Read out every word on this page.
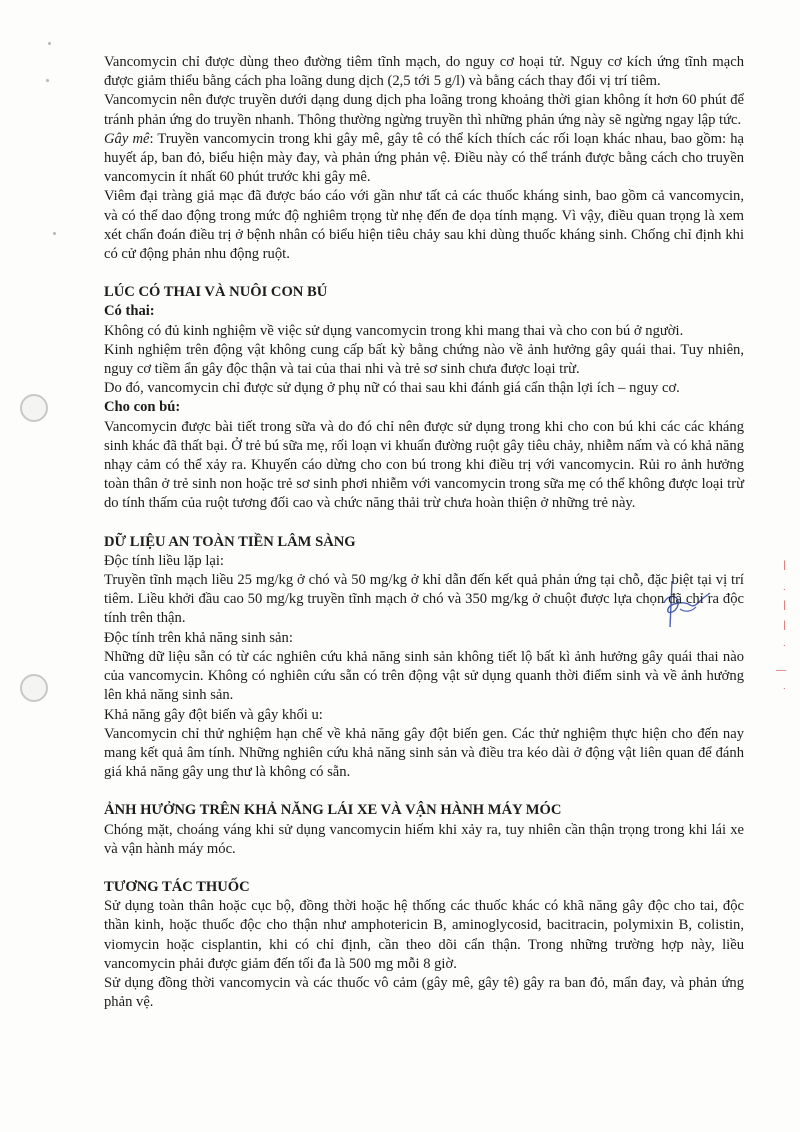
|
·
|
|
·
—
·

Vancomycin chỉ được dùng theo đường tiêm tĩnh mạch, do nguy cơ hoại tử. Nguy cơ kích ứng tĩnh mạch được giảm thiểu bằng cách pha loãng dung dịch (2,5 tới 5 g/l) và bằng cách thay đổi vị trí tiêm.

Vancomycin nên được truyền dưới dạng dung dịch pha loãng trong khoảng thời gian không ít hơn 60 phút để tránh phản ứng do truyền nhanh. Thông thường ngừng truyền thì những phản ứng này sẽ ngừng ngay lập tức.

Gây mê: Truyền vancomycin trong khi gây mê, gây tê có thể kích thích các rối loạn khác nhau, bao gồm: hạ huyết áp, ban đỏ, biểu hiện mày đay, và phản ứng phản vệ. Điều này có thể tránh được bằng cách cho truyền vancomycin ít nhất 60 phút trước khi gây mê.

Viêm đại tràng giả mạc đã được báo cáo với gần như tất cả các thuốc kháng sinh, bao gồm cả vancomycin, và có thể dao động trong mức độ nghiêm trọng từ nhẹ đến đe dọa tính mạng. Vì vậy, điều quan trọng là xem xét chẩn đoán điều trị ở bệnh nhân có biểu hiện tiêu chảy sau khi dùng thuốc kháng sinh. Chống chỉ định khi có cử động phản nhu động ruột.

LÚC CÓ THAI VÀ NUÔI CON BÚ
Có thai:

Không có đủ kinh nghiệm về việc sử dụng vancomycin trong khi mang thai và cho con bú ở người.

Kinh nghiệm trên động vật không cung cấp bất kỳ bằng chứng nào về ảnh hưởng gây quái thai. Tuy nhiên, nguy cơ tiềm ẩn gây độc thận và tai của thai nhi và trẻ sơ sinh chưa được loại trừ.

Do đó, vancomycin chỉ được sử dụng ở phụ nữ có thai sau khi đánh giá cẩn thận lợi ích – nguy cơ.

Cho con bú:

Vancomycin được bài tiết trong sữa và do đó chỉ nên được sử dụng trong khi cho con bú khi các các kháng sinh khác đã thất bại. Ở trẻ bú sữa mẹ, rối loạn vi khuẩn đường ruột gây tiêu chảy, nhiễm nấm và có khả năng nhạy cảm có thể xảy ra. Khuyến cáo dừng cho con bú trong khi điều trị với vancomycin. Rủi ro ảnh hưởng toàn thân ở trẻ sinh non hoặc trẻ sơ sinh phơi nhiễm với vancomycin trong sữa mẹ có thể không được loại trừ do tính thấm của ruột tương đối cao và chức năng thải trừ chưa hoàn thiện ở những trẻ này.

DỮ LIỆU AN TOÀN TIỀN LÂM SÀNG

Độc tính liều lặp lại:

Truyền tĩnh mạch liều 25 mg/kg ở chó và 50 mg/kg ở khỉ dẫn đến kết quả phản ứng tại chỗ, đặc biệt tại vị trí tiêm. Liều khởi đầu cao 50 mg/kg truyền tĩnh mạch ở chó và 350 mg/kg ở chuột được lựa chọn đã chỉ ra độc tính trên thận.

Độc tính trên khả năng sinh sản:

Những dữ liệu sẵn có từ các nghiên cứu khả năng sinh sản không tiết lộ bất kì ảnh hưởng gây quái thai nào của vancomycin. Không có nghiên cứu sẵn có trên động vật sử dụng quanh thời điểm sinh và về ảnh hưởng lên khả năng sinh sản.

Khả năng gây đột biến và gây khối u:

Vancomycin chỉ thử nghiệm hạn chế về khả năng gây đột biến gen. Các thử nghiệm thực hiện cho đến nay mang kết quả âm tính. Những nghiên cứu khả năng sinh sản và điều tra kéo dài ở động vật liên quan để đánh giá khả năng gây ung thư là không có sẵn.

ẢNH HƯỞNG TRÊN KHẢ NĂNG LÁI XE VÀ VẬN HÀNH MÁY MÓC

Chóng mặt, choáng váng khi sử dụng vancomycin hiếm khi xảy ra, tuy nhiên cần thận trọng trong khi lái xe và vận hành máy móc.

TƯƠNG TÁC THUỐC

Sử dụng toàn thân hoặc cục bộ, đồng thời hoặc hệ thống các thuốc khác có khã năng gây độc cho tai, độc thần kinh, hoặc thuốc độc cho thận như amphotericin B, aminoglycosid, bacitracin, polymixin B, colistin, viomycin hoặc cisplantin, khi có chỉ định, cần theo dõi cẩn thận. Trong những trường hợp này, liều vancomycin phải được giảm đến tối đa là 500 mg mỗi 8 giờ.

Sử dụng đồng thời vancomycin và các thuốc vô cảm (gây mê, gây tê) gây ra ban đỏ, mẩn đay, và phản ứng phản vệ.
